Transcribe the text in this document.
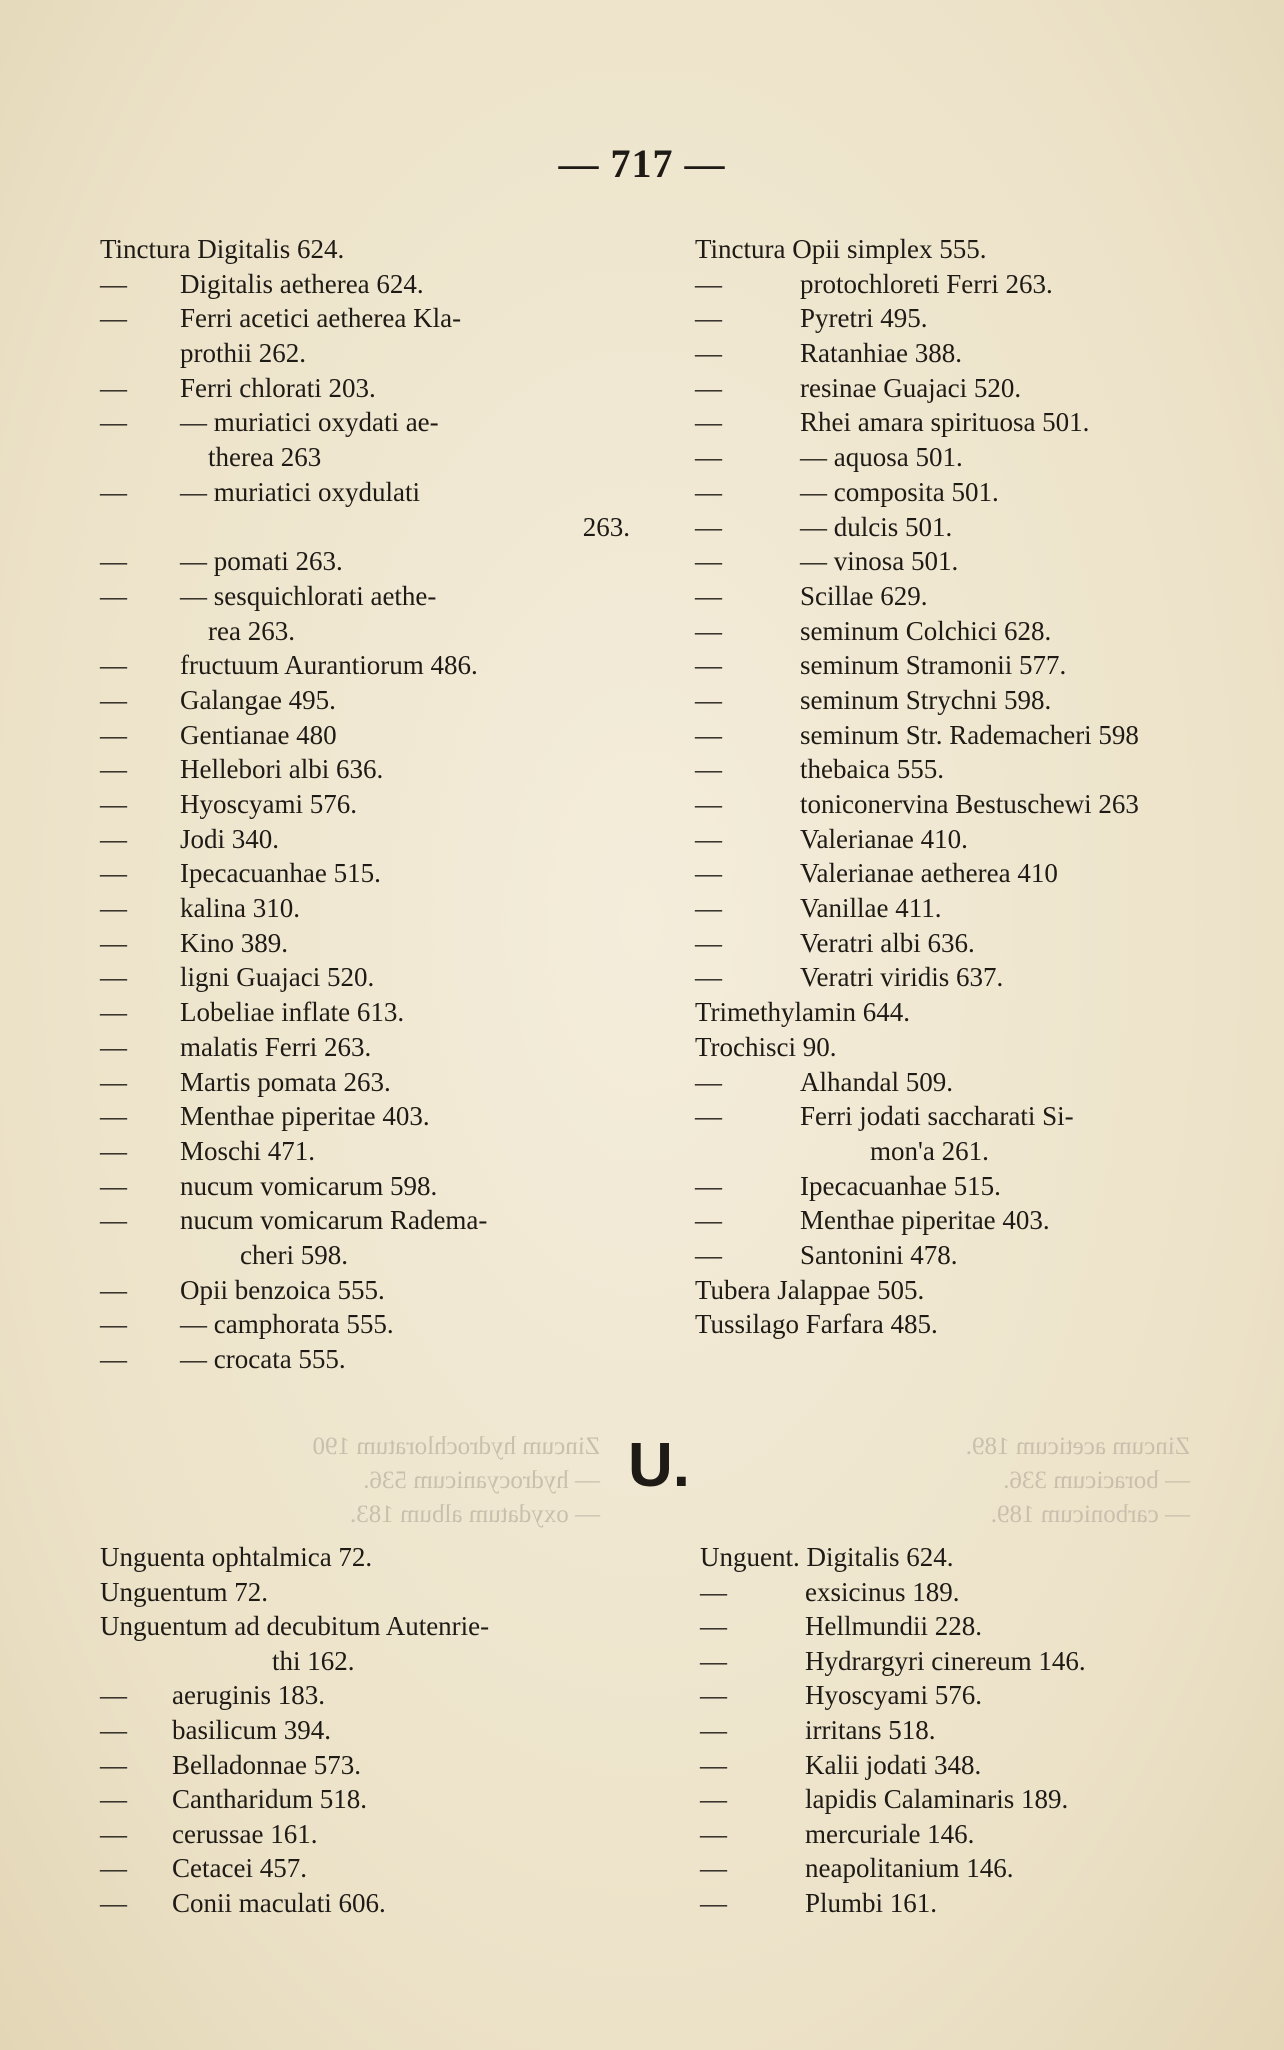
— 717 —
Zincum hydrochloratum 190
— hydrocyanicum 536.
— oxydatum album 183.
Zincum aceticum 189.
— boracicum 336.
— carbonicum 189.
Tinctura Digitalis 624.
—	Digitalis aetherea 624.
—	Ferri acetici aetherea Kla-
prothii 262.
—	Ferri chlorati 203.
—	— muriatici oxydati ae-
therea 263
—	— muriatici oxydulati
263.
—	— pomati 263.
—	— sesquichlorati aethe-
rea 263.
—	fructuum Aurantiorum 486.
—	Galangae 495.
—	Gentianae 480
—	Hellebori albi 636.
—	Hyoscyami 576.
—	Jodi 340.
—	Ipecacuanhae 515.
—	kalina 310.
—	Kino 389.
—	ligni Guajaci 520.
—	Lobeliae inflate 613.
—	malatis Ferri 263.
—	Martis pomata 263.
—	Menthae piperitae 403.
—	Moschi 471.
—	nucum vomicarum 598.
—	nucum vomicarum Radema-
cheri 598.
—	Opii benzoica 555.
—	— camphorata 555.
—	— crocata 555.
Tinctura Opii simplex 555.
—	protochloreti Ferri 263.
—	Pyretri 495.
—	Ratanhiae 388.
—	resinae Guajaci 520.
—	Rhei amara spirituosa 501.
—	— aquosa 501.
—	— composita 501.
—	— dulcis 501.
—	— vinosa 501.
—	Scillae 629.
—	seminum Colchici 628.
—	seminum Stramonii 577.
—	seminum Strychni 598.
—	seminum Str. Rademacheri 598
—	thebaica 555.
—	toniconervina Bestuschewi 263
—	Valerianae 410.
—	Valerianae aetherea 410
—	Vanillae 411.
—	Veratri albi 636.
—	Veratri viridis 637.
Trimethylamin 644.
Trochisci 90.
—	Alhandal 509.
—	Ferri jodati saccharati Si-
mon'a 261.
—	Ipecacuanhae 515.
—	Menthae piperitae 403.
—	Santonini 478.
Tubera Jalappae 505.
Tussilago Farfara 485.
U.
Unguenta ophtalmica 72.
Unguentum 72.
Unguentum ad decubitum Autenrie-
thi 162.
—	aeruginis 183.
—	basilicum 394.
—	Belladonnae 573.
—	Cantharidum 518.
—	cerussae 161.
—	Cetacei 457.
—	Conii maculati 606.
Unguent. Digitalis 624.
—	exsicinus 189.
—	Hellmundii 228.
—	Hydrargyri cinereum 146.
—	Hyoscyami 576.
—	irritans 518.
—	Kalii jodati 348.
—	lapidis Calaminaris 189.
—	mercuriale 146.
—	neapolitanium 146.
—	Plumbi 161.
